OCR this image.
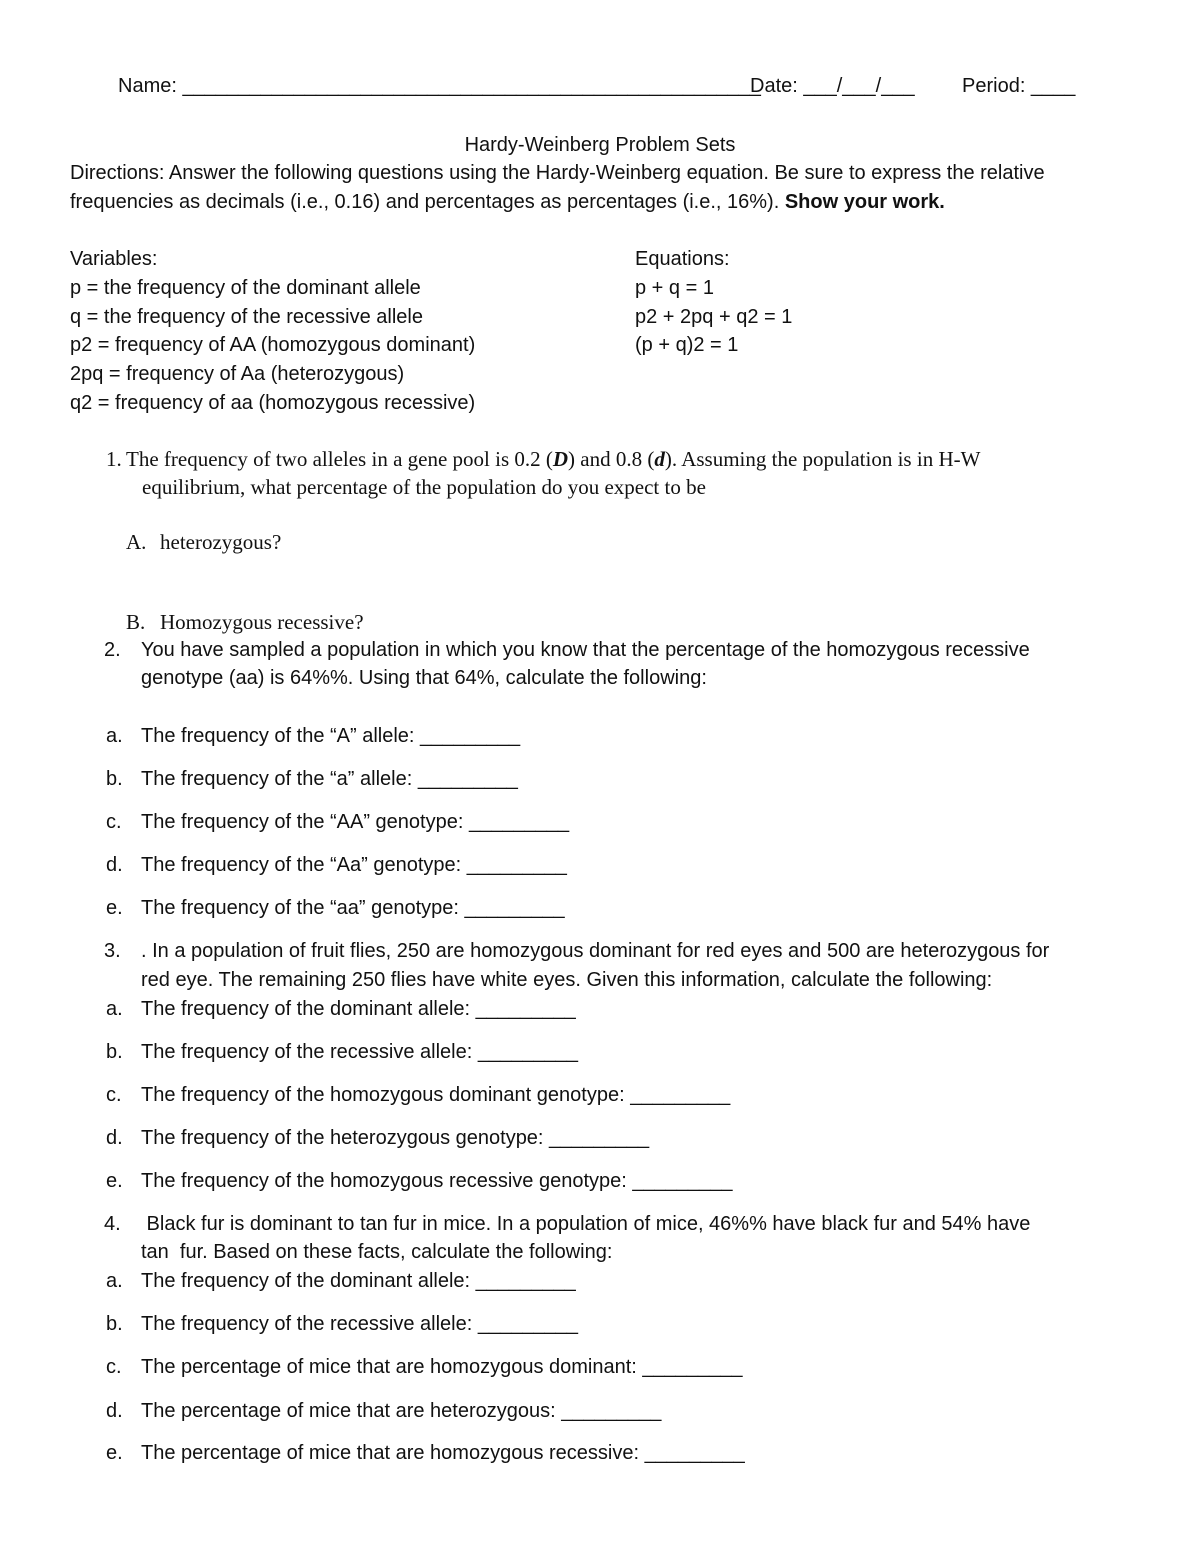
Name: ____________________________________________________
Date: ___/___/___ Period: ____
Hardy-Weinberg Problem Sets
Directions: Answer the following questions using the Hardy-Weinberg equation. Be sure to express the relative
frequencies as decimals (i.e., 0.16) and percentages as percentages (i.e., 16%). Show your work.
Variables:
p = the frequency of the dominant allele
q = the frequency of the recessive allele
p2 = frequency of AA (homozygous dominant)
2pq = frequency of Aa (heterozygous)
q2 = frequency of aa (homozygous recessive)
Equations:
p + q = 1
p2 + 2pq + q2 = 1
(p + q)2 = 1
1. The frequency of two alleles in a gene pool is 0.2 (D) and 0.8 (d). Assuming the population is in H-W
equilibrium, what percentage of the population do you expect to be
A. heterozygous?
B. Homozygous recessive?
2. You have sampled a population in which you know that the percentage of the homozygous recessive
genotype (aa) is 64%%. Using that 64%, calculate the following:
a. The frequency of the “A” allele: _________
b. The frequency of the “a” allele: _________
c. The frequency of the “AA” genotype: _________
d. The frequency of the “Aa” genotype: _________
e. The frequency of the “aa” genotype: _________
3. . In a population of fruit flies, 250 are homozygous dominant for red eyes and 500 are heterozygous for
red eye. The remaining 250 flies have white eyes. Given this information, calculate the following:
a. The frequency of the dominant allele: _________
b. The frequency of the recessive allele: _________
c. The frequency of the homozygous dominant genotype: _________
d. The frequency of the heterozygous genotype: _________
e. The frequency of the homozygous recessive genotype: _________
4. Black fur is dominant to tan fur in mice. In a population of mice, 46%% have black fur and 54% have
tan  fur. Based on these facts, calculate the following:
a. The frequency of the dominant allele: _________
b. The frequency of the recessive allele: _________
c. The percentage of mice that are homozygous dominant: _________
d. The percentage of mice that are heterozygous: _________
e. The percentage of mice that are homozygous recessive: _________
